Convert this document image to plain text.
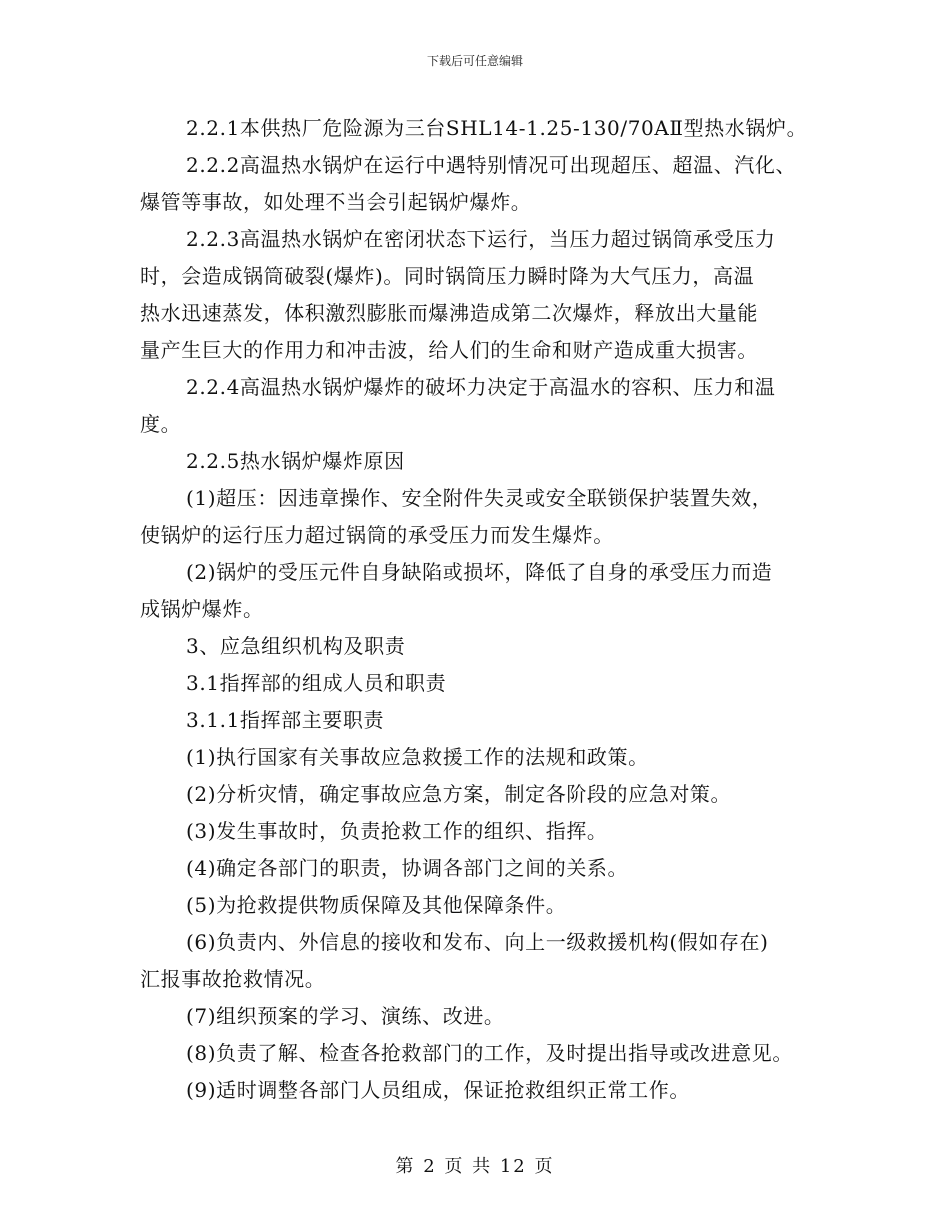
下载后可任意编辑
2.2.1本供热厂危险源为三台SHL14-1.25-130/70AⅡ型热水锅炉。
2.2.2高温热水锅炉在运行中遇特别情况可出现超压、超温、汽化、
爆管等事故，如处理不当会引起锅炉爆炸。
2.2.3高温热水锅炉在密闭状态下运行，当压力超过锅筒承受压力
时，会造成锅筒破裂(爆炸)。同时锅筒压力瞬时降为大气压力，高温
热水迅速蒸发，体积激烈膨胀而爆沸造成第二次爆炸，释放出大量能
量产生巨大的作用力和冲击波，给人们的生命和财产造成重大损害。
2.2.4高温热水锅炉爆炸的破坏力决定于高温水的容积、压力和温
度。
2.2.5热水锅炉爆炸原因
(1)超压：因违章操作、安全附件失灵或安全联锁保护装置失效，
使锅炉的运行压力超过锅筒的承受压力而发生爆炸。
(2)锅炉的受压元件自身缺陷或损坏，降低了自身的承受压力而造
成锅炉爆炸。
3、应急组织机构及职责
3.1指挥部的组成人员和职责
3.1.1指挥部主要职责
(1)执行国家有关事故应急救援工作的法规和政策。
(2)分析灾情，确定事故应急方案，制定各阶段的应急对策。
(3)发生事故时，负责抢救工作的组织、指挥。
(4)确定各部门的职责，协调各部门之间的关系。
(5)为抢救提供物质保障及其他保障条件。
(6)负责内、外信息的接收和发布、向上一级救援机构(假如存在)
汇报事故抢救情况。
(7)组织预案的学习、演练、改进。
(8)负责了解、检查各抢救部门的工作，及时提出指导或改进意见。
(9)适时调整各部门人员组成，保证抢救组织正常工作。
第 2 页 共 12 页
